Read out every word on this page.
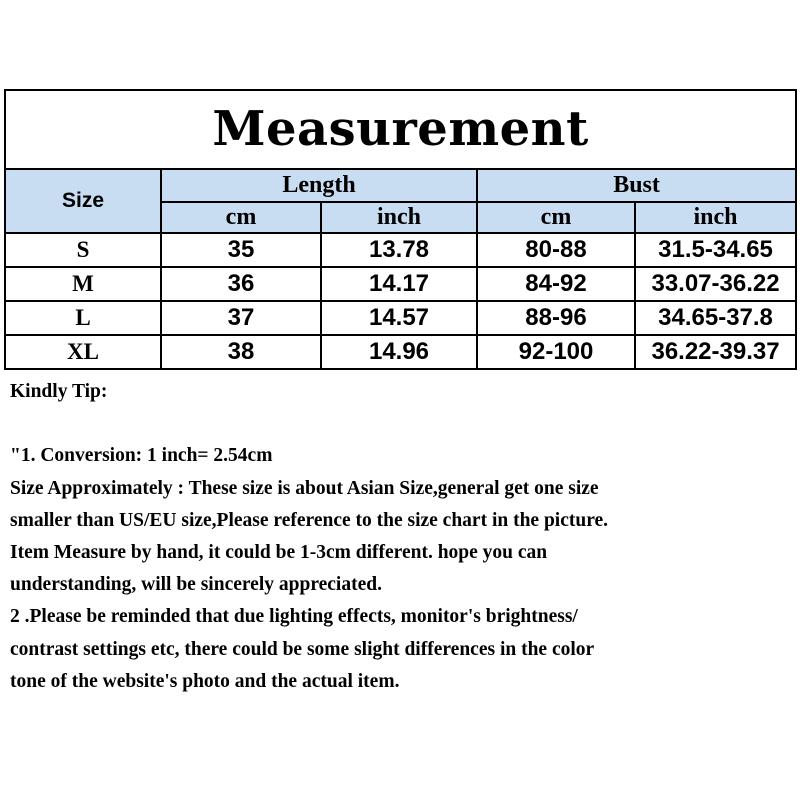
Measurement				
Size	Length		Bust	
	cm	inch	cm	inch
S	35	13.78	80-88	31.5-34.65
M	36	14.17	84-92	33.07-36.22
L	37	14.57	88-96	34.65-37.8
XL	38	14.96	92-100	36.22-39.37
Kindly Tip:
"1. Conversion: 1 inch= 2.54cm
Size Approximately : These size is about Asian Size,general get one size
smaller than US/EU size,Please reference to the size chart in the picture.
Item Measure by hand, it could be 1-3cm different. hope you can
understanding, will be sincerely appreciated.
2 .Please be reminded that due lighting effects, monitor's brightness/
contrast settings etc, there could be some slight differences in the color
tone of the website's photo and the actual item.
